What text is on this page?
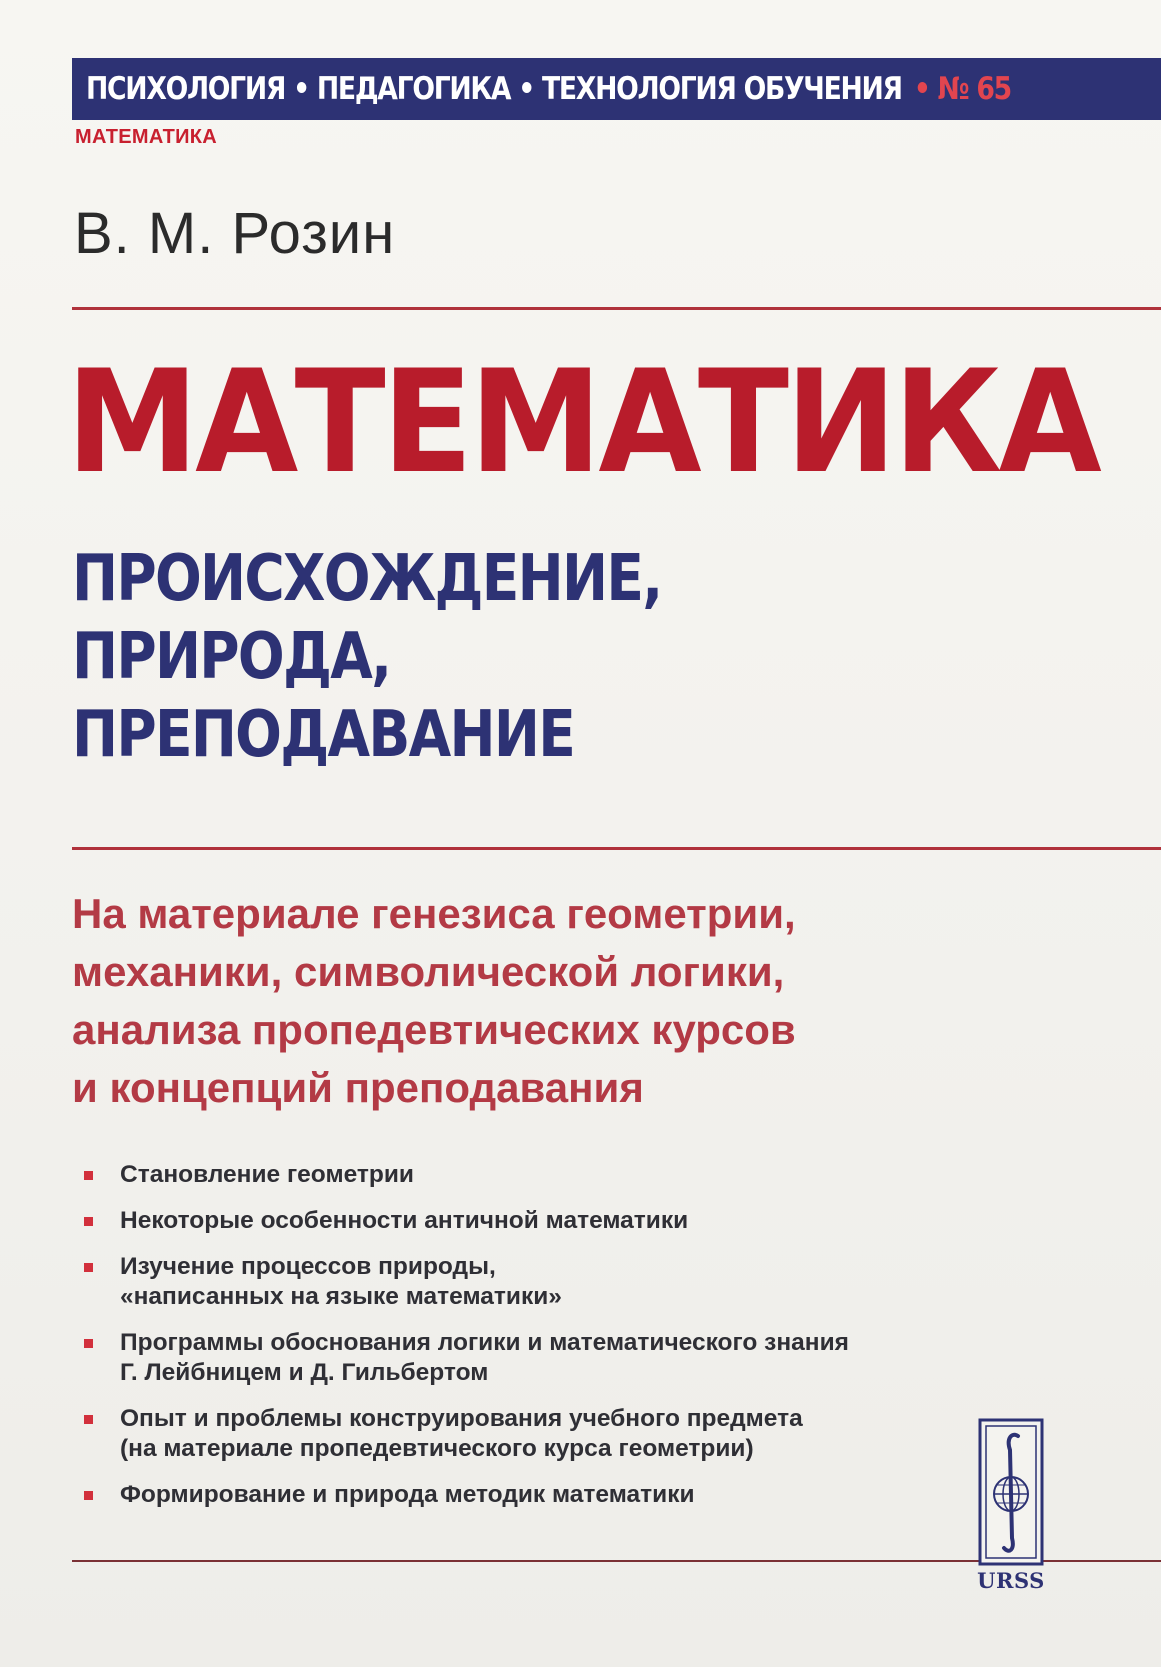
ПСИХОЛОГИЯ • ПЕДАГОГИКА • ТЕХНОЛОГИЯ ОБУЧЕНИЯ • № 65
МАТЕМАТИКА
В. М. Розин
МАТЕМАТИКА
ПРОИСХОЖДЕНИЕ,
ПРИРОДА,
ПРЕПОДАВАНИЕ
На материале генезиса геометрии,
механики, символической логики,
анализа пропедевтических курсов
и концепций преподавания
Становление геометрии
Некоторые особенности античной математики
Изучение процессов природы,
«написанных на языке математики»
Программы обоснования логики и математического знания
Г. Лейбницем и Д. Гильбертом
Опыт и проблемы конструирования учебного предмета
(на материале пропедевтического курса геометрии)
Формирование и природа методик математики
URSS
